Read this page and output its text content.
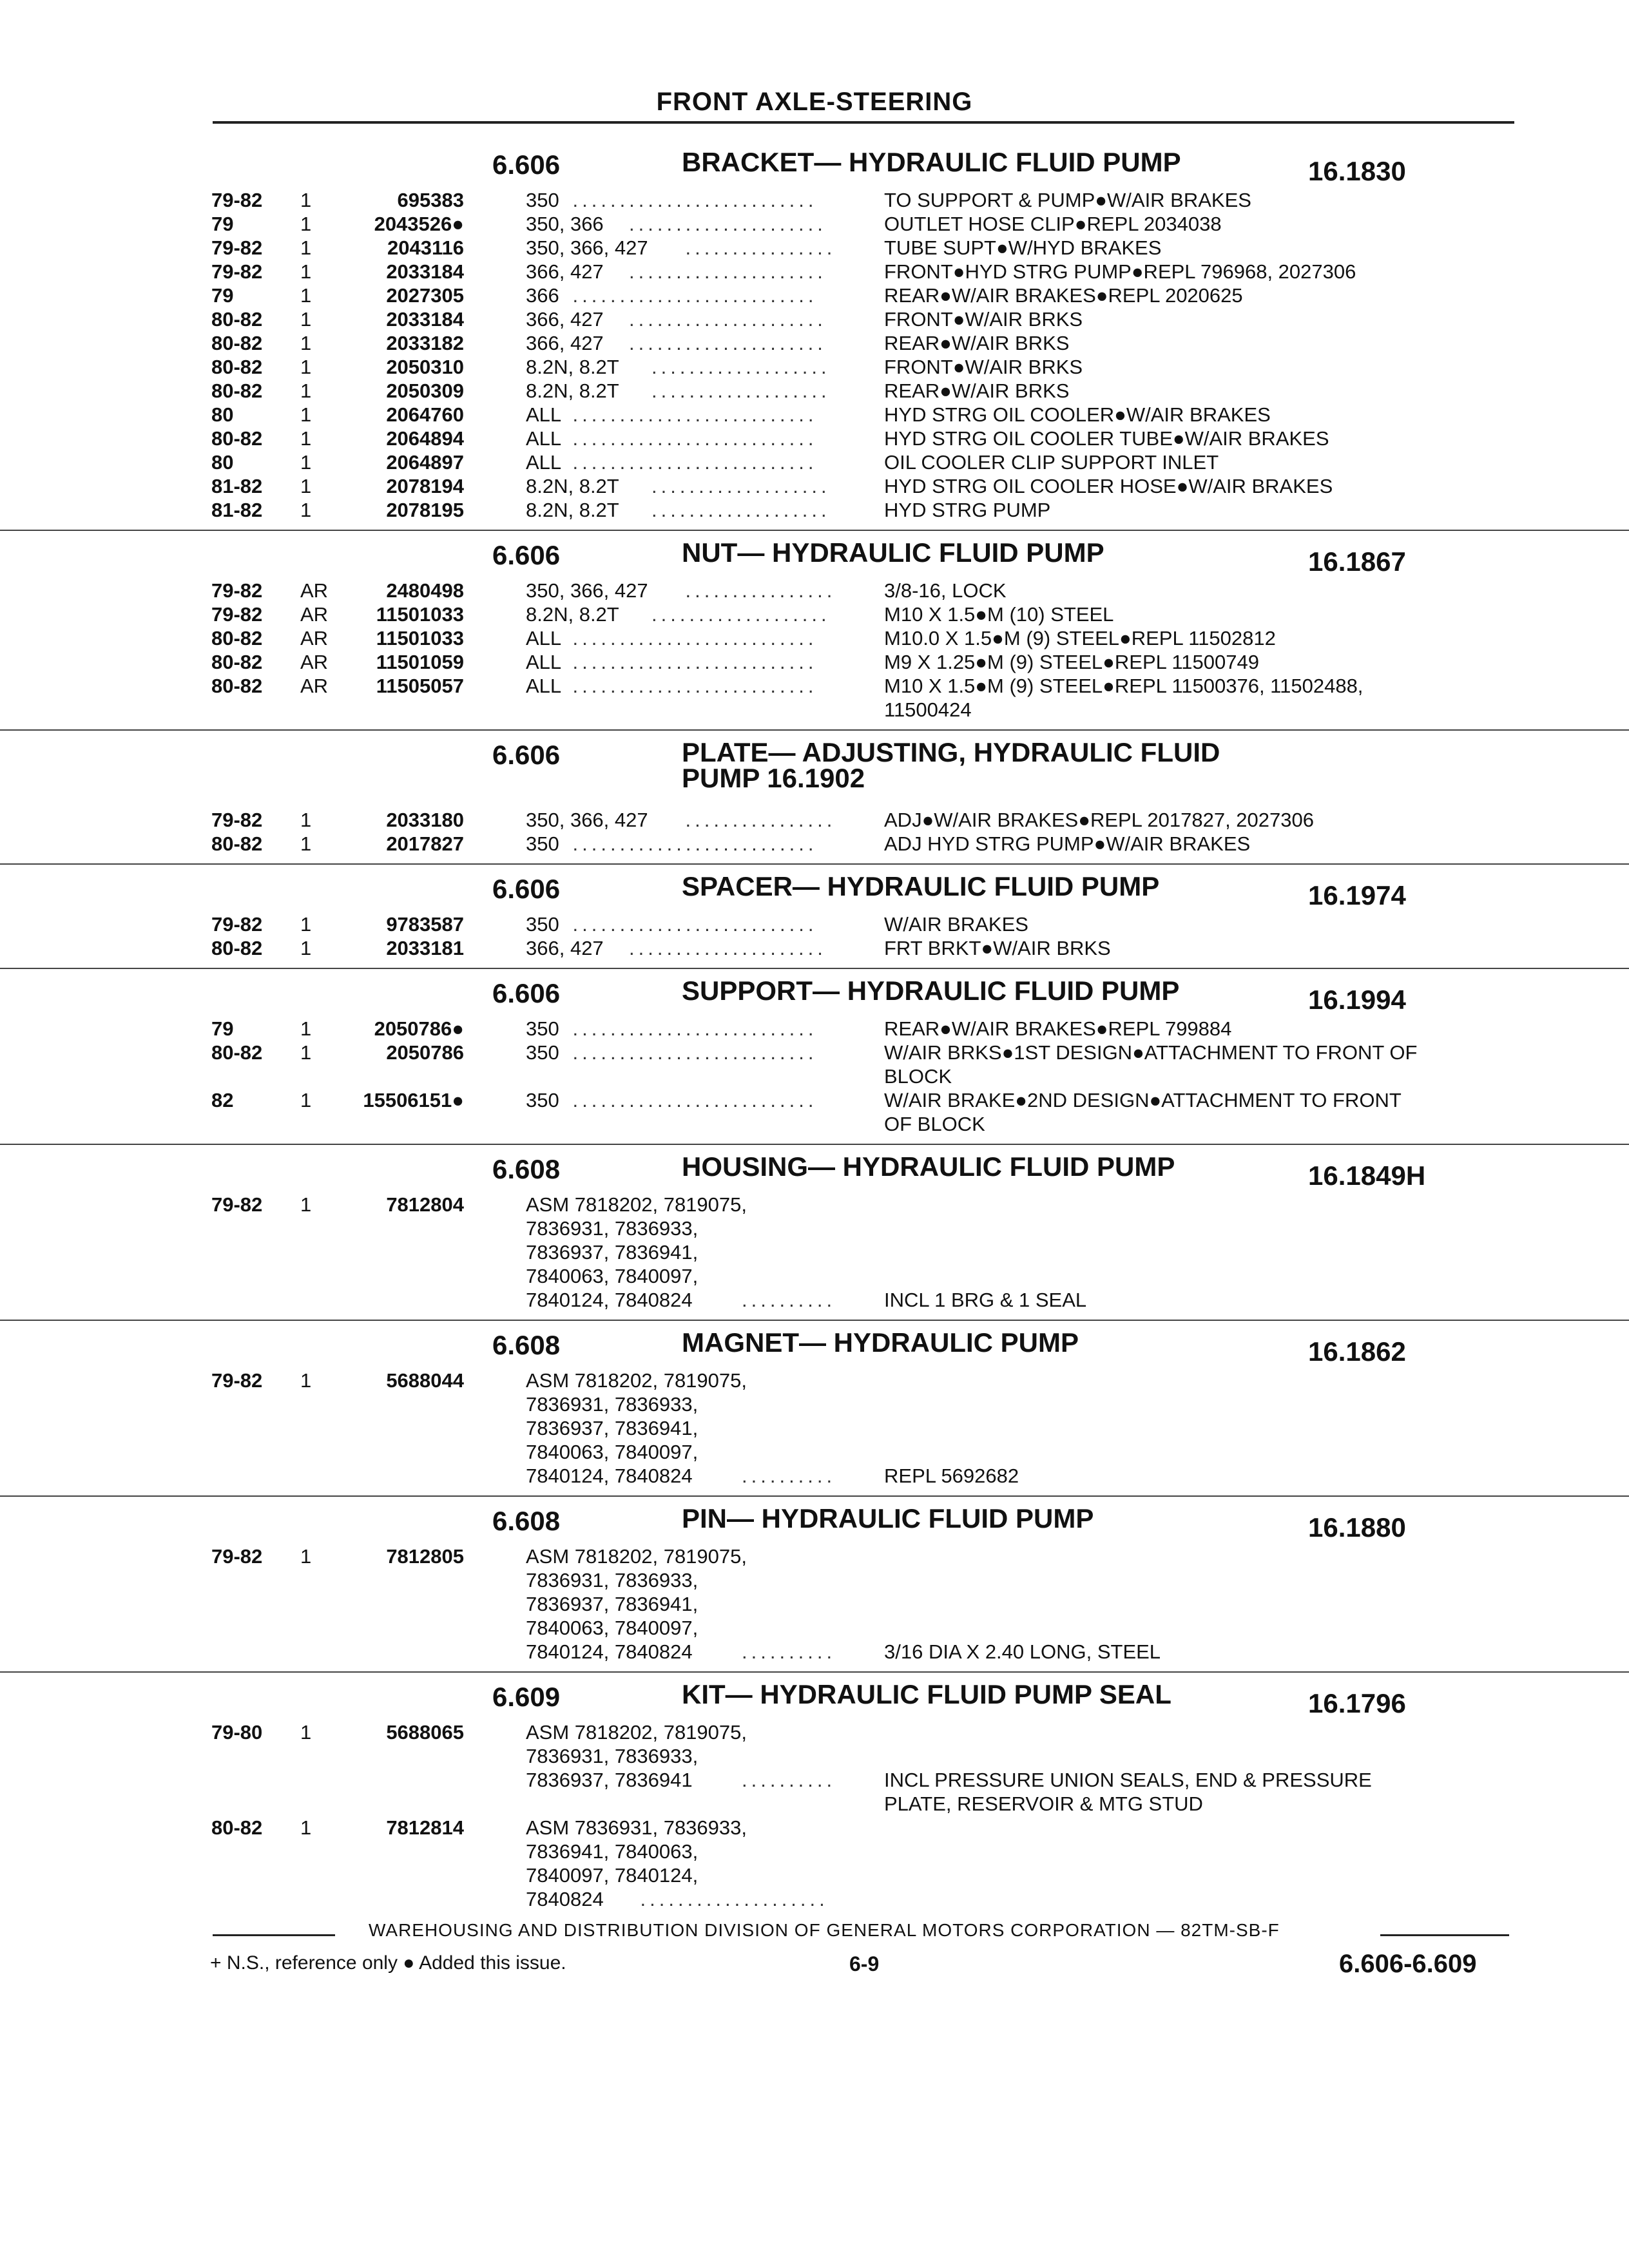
FRONT AXLE-STEERING
6.606	BRACKET— HYDRAULIC FLUID PUMP	16.1830
79-82 1	695383	350	TO SUPPORT & PUMP●W/AIR BRAKES
..........................
79	1	2043526●	350, 366	OUTLET HOSE CLIP●REPL 2034038
.....................
79-82 1	2043116	350, 366, 427	TUBE SUPT●W/HYD BRAKES
................
79-82 1	2033184	366, 427	FRONT●HYD STRG PUMP●REPL 796968, 2027306
.....................
79	1	2027305	366	REAR●W/AIR BRAKES●REPL 2020625
..........................
80-82 1	2033184	366, 427	FRONT●W/AIR BRKS
.....................
80-82 1	2033182	366, 427	REAR●W/AIR BRKS
.....................
80-82 1	2050310	8.2N, 8.2T	FRONT●W/AIR BRKS
...................
80-82 1	2050309	8.2N, 8.2T	REAR●W/AIR BRKS
...................
80	1	2064760	ALL	HYD STRG OIL COOLER●W/AIR BRAKES
..........................
80-82 1	2064894	ALL	HYD STRG OIL COOLER TUBE●W/AIR BRAKES
..........................
80	1	2064897	ALL	OIL COOLER CLIP SUPPORT INLET
..........................
81-82 1	2078194	8.2N, 8.2T	HYD STRG OIL COOLER HOSE●W/AIR BRAKES
...................
81-82 1	2078195	8.2N, 8.2T	HYD STRG PUMP
...................
6.606	NUT— HYDRAULIC FLUID PUMP	16.1867
79-82 AR	2480498	350, 366, 427	3/8-16, LOCK
................
79-82 AR	11501033	8.2N, 8.2T	M10 X 1.5●M (10) STEEL
...................
80-82 AR	11501033	ALL	M10.0 X 1.5●M (9) STEEL●REPL 11502812
..........................
80-82 AR	11501059	ALL	M9 X 1.25●M (9) STEEL●REPL 11500749
..........................
80-82 AR	11505057	ALL	M10 X 1.5●M (9) STEEL●REPL 11500376, 11502488,
11500424
..........................
6.606	PLATE— ADJUSTING, HYDRAULIC FLUID PUMP 16.1902
79-82 1	2033180	350, 366, 427	ADJ●W/AIR BRAKES●REPL 2017827, 2027306
................
80-82 1	2017827	350	ADJ HYD STRG PUMP●W/AIR BRAKES
..........................
6.606	SPACER— HYDRAULIC FLUID PUMP	16.1974
79-82 1	9783587	350	W/AIR BRAKES
..........................
80-82 1	2033181	366, 427	FRT BRKT●W/AIR BRKS
.....................
6.606	SUPPORT— HYDRAULIC FLUID PUMP	16.1994
79	1	2050786●	350	REAR●W/AIR BRAKES●REPL 799884
..........................
80-82 1	2050786	350	W/AIR BRKS●1ST DESIGN●ATTACHMENT TO FRONT OF
BLOCK
..........................
82	1	15506151●	350	W/AIR BRAKE●2ND DESIGN●ATTACHMENT TO FRONT
OF BLOCK
..........................
6.608	HOUSING— HYDRAULIC FLUID PUMP	16.1849H
79-82 1	7812804	ASM 7818202, 7819075,
7836931, 7836933,
7836937, 7836941,
7840063, 7840097,
7840124, 7840824	

INCL 1 BRG & 1 SEAL
..........
6.608	MAGNET— HYDRAULIC PUMP	16.1862
79-82 1	5688044	ASM 7818202, 7819075,
7836931, 7836933,
7836937, 7836941,
7840063, 7840097,
7840124, 7840824	

REPL 5692682
..........
6.608	PIN— HYDRAULIC FLUID PUMP	16.1880
79-82 1	7812805	ASM 7818202, 7819075,
7836931, 7836933,
7836937, 7836941,
7840063, 7840097,
7840124, 7840824	

3/16 DIA X 2.40 LONG, STEEL
..........
6.609	KIT— HYDRAULIC FLUID PUMP SEAL	16.1796
79-80 1	5688065	ASM 7818202, 7819075,
7836931, 7836933,
7836937, 7836941	

INCL PRESSURE UNION SEALS, END & PRESSURE
PLATE, RESERVOIR & MTG STUD
..........
80-82 1	7812814	ASM 7836931, 7836933,
7836941, 7840063,
7840097, 7840124,
7840824	....................
WAREHOUSING AND DISTRIBUTION DIVISION OF GENERAL MOTORS CORPORATION — 82TM-SB-F
+ N.S., reference only ● Added this issue.	6-9	6.606-6.609
